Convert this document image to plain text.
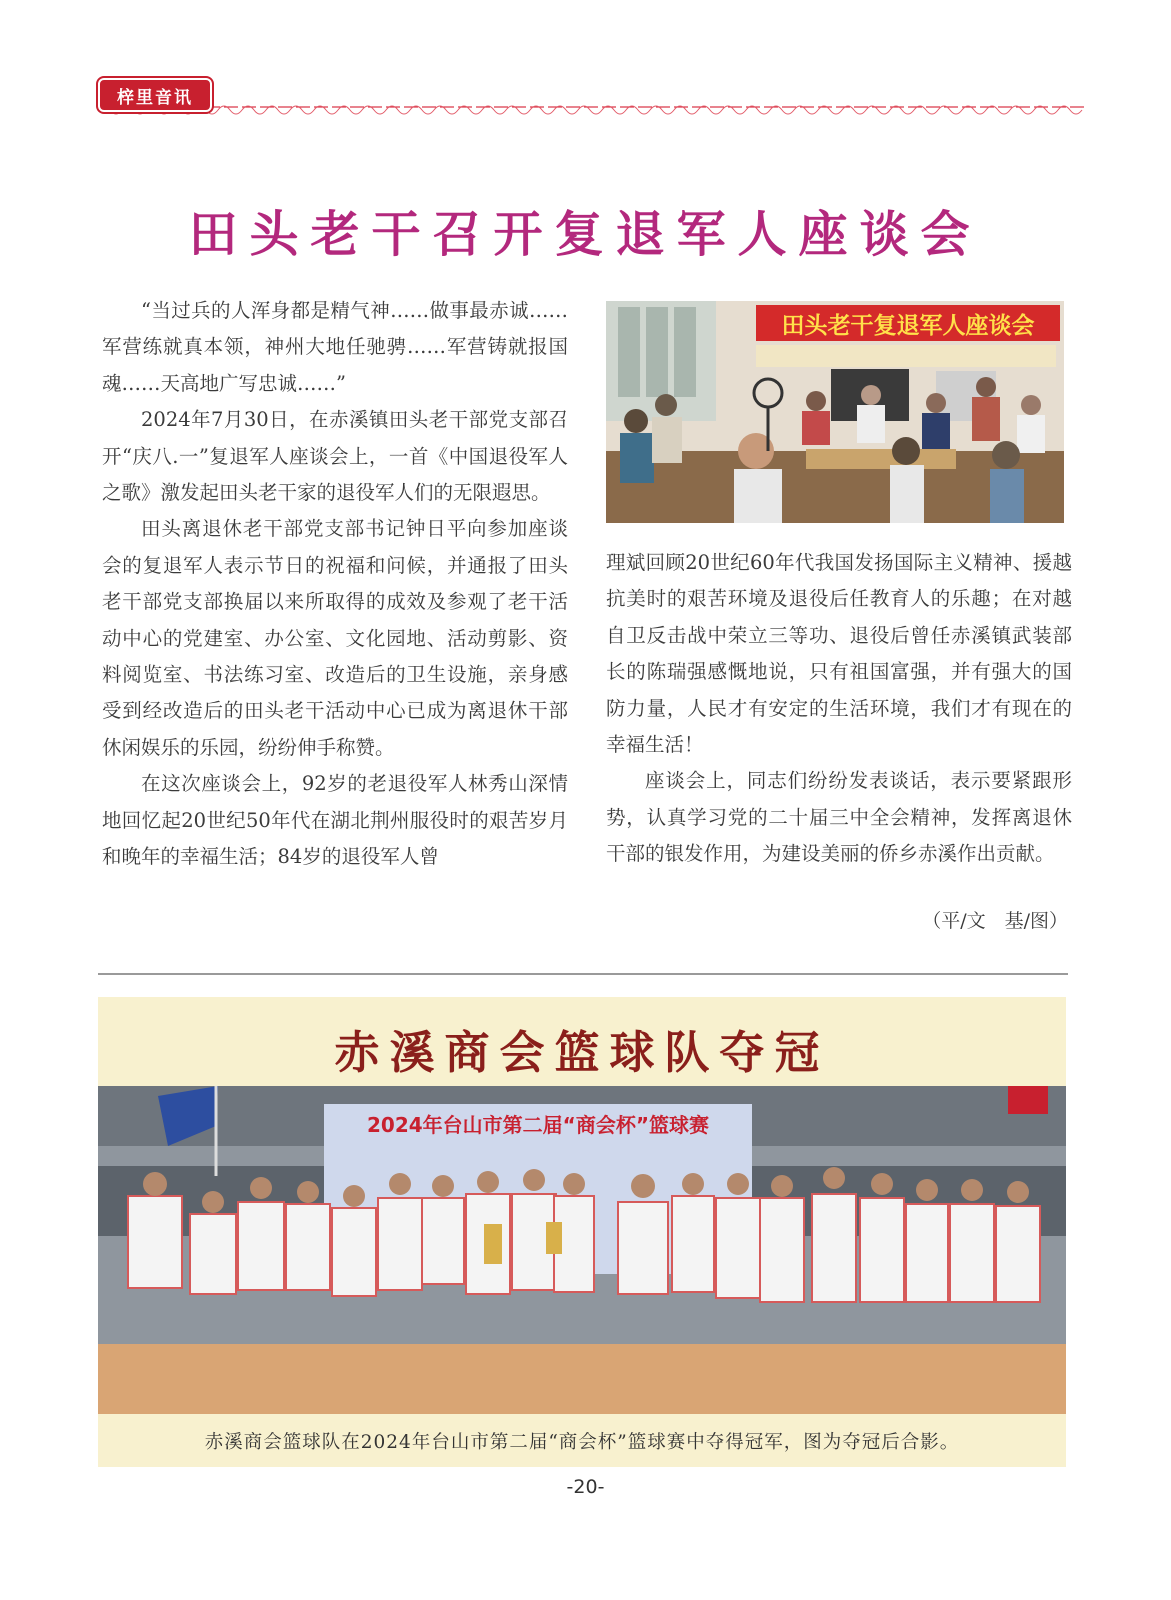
梓里音讯
田头老干召开复退军人座谈会

“当过兵的人浑身都是精气神……做事最赤诚……军营练就真本领，神州大地任驰骋……军营铸就报国魂……天高地广写忠诚……”

2024年7月30日，在赤溪镇田头老干部党支部召开“庆八.一”复退军人座谈会上，一首《中国退役军人之歌》激发起田头老干家的退役军人们的无限遐思。

田头离退休老干部党支部书记钟日平向参加座谈会的复退军人表示节日的祝福和问候，并通报了田头老干部党支部换届以来所取得的成效及参观了老干活动中心的党建室、办公室、文化园地、活动剪影、资料阅览室、书法练习室、改造后的卫生设施，亲身感受到经改造后的田头老干活动中心已成为离退休干部休闲娱乐的乐园，纷纷伸手称赞。

在这次座谈会上，92岁的老退役军人林秀山深情地回忆起20世纪50年代在湖北荆州服役时的艰苦岁月和晚年的幸福生活；84岁的退役军人曾

田头老干复退军人座谈会

理斌回顾20世纪60年代我国发扬国际主义精神、援越抗美时的艰苦环境及退役后任教育人的乐趣；在对越自卫反击战中荣立三等功、退役后曾任赤溪镇武装部长的陈瑞强感慨地说，只有祖国富强，并有强大的国防力量，人民才有安定的生活环境，我们才有现在的幸福生活！

座谈会上，同志们纷纷发表谈话，表示要紧跟形势，认真学习党的二十届三中全会精神，发挥离退休干部的银发作用，为建设美丽的侨乡赤溪作出贡献。

（平/文　基/图）
赤溪商会篮球队夺冠
2024年台山市第二届“商会杯”篮球赛

赤溪商会篮球队在2024年台山市第二届“商会杯”篮球赛中夺得冠军，图为夺冠后合影。

-20-
